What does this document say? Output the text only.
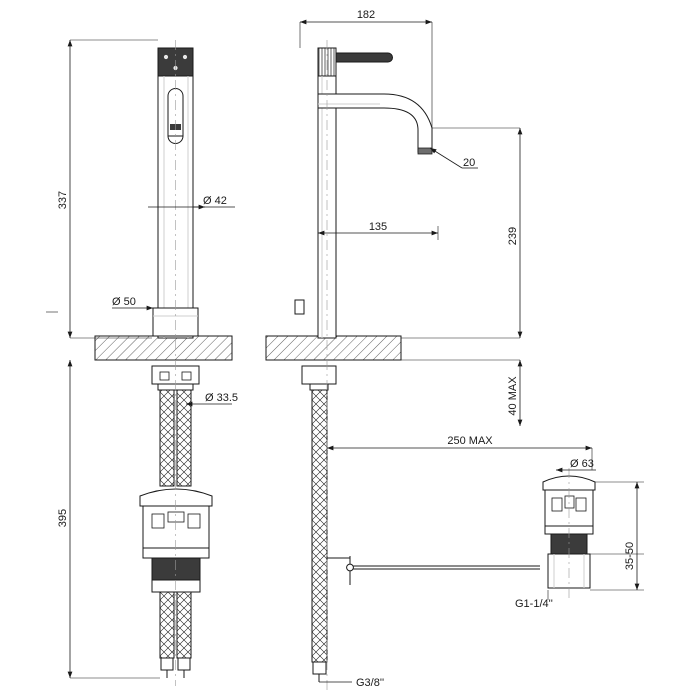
337
395
Ø 42
Ø 50
Ø 33.5
182
135
20
239
40 MAX
250 MAX
G3/8''
Ø 63
35-50
G1-1/4''
